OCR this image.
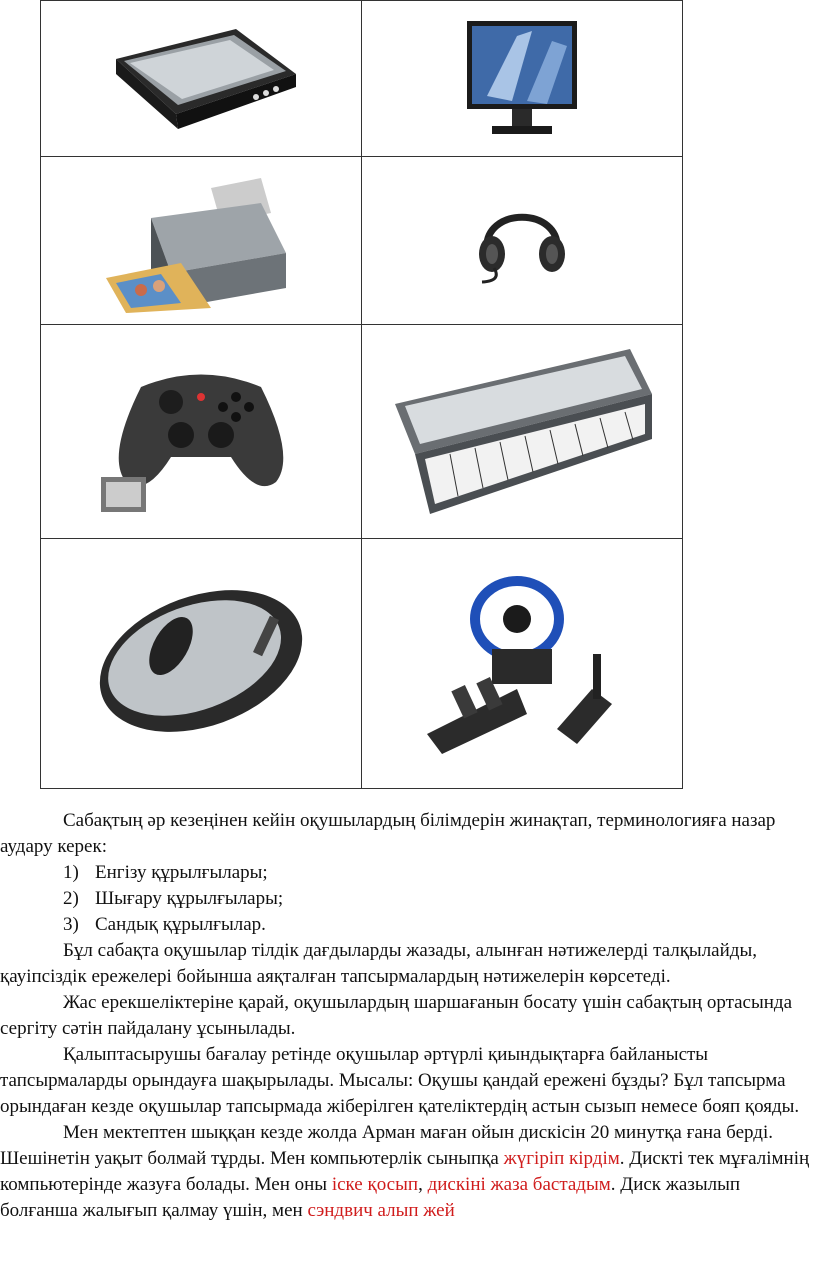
Сабақтың әр кезеңінен кейін оқушылардың білімдерін жинақтап, терминологияға назар аудару керек:

1) Енгізу құрылғылары;
2) Шығару құрылғылары;
3) Сандық құрылғылар.

Бұл сабақта оқушылар тілдік дағдыларды жазады, алынған нәтижелерді талқылайды, қауіпсіздік ережелері бойынша аяқталған тапсырмалардың нәтижелерін көрсетеді.

Жас ерекшеліктеріне қарай, оқушылардың шаршағанын босату үшін сабақтың ортасында сергіту сәтін пайдалану ұсынылады.

Қалыптасырушы бағалау ретінде оқушылар әртүрлі қиындықтарға байланысты тапсырмаларды орындауға шақырылады. Мысалы: Оқушы қандай ережені бұзды? Бұл тапсырма орындаған кезде оқушылар тапсырмада жіберілген қателіктердің астын сызып немесе бояп қояды.

Мен мектептен шыққан кезде жолда Арман маған ойын дискісін 20 минутқа ғана берді. Шешінетін уақыт болмай тұрды. Мен компьютерлік сыныпқа жүгіріп кірдім. Дискті тек мұғалімнің компьютерінде жазуға болады. Мен оны іске қосып, дискіні жаза бастадым. Диск жазылып болғанша жалығып қалмау үшін, мен сэндвич алып жей
